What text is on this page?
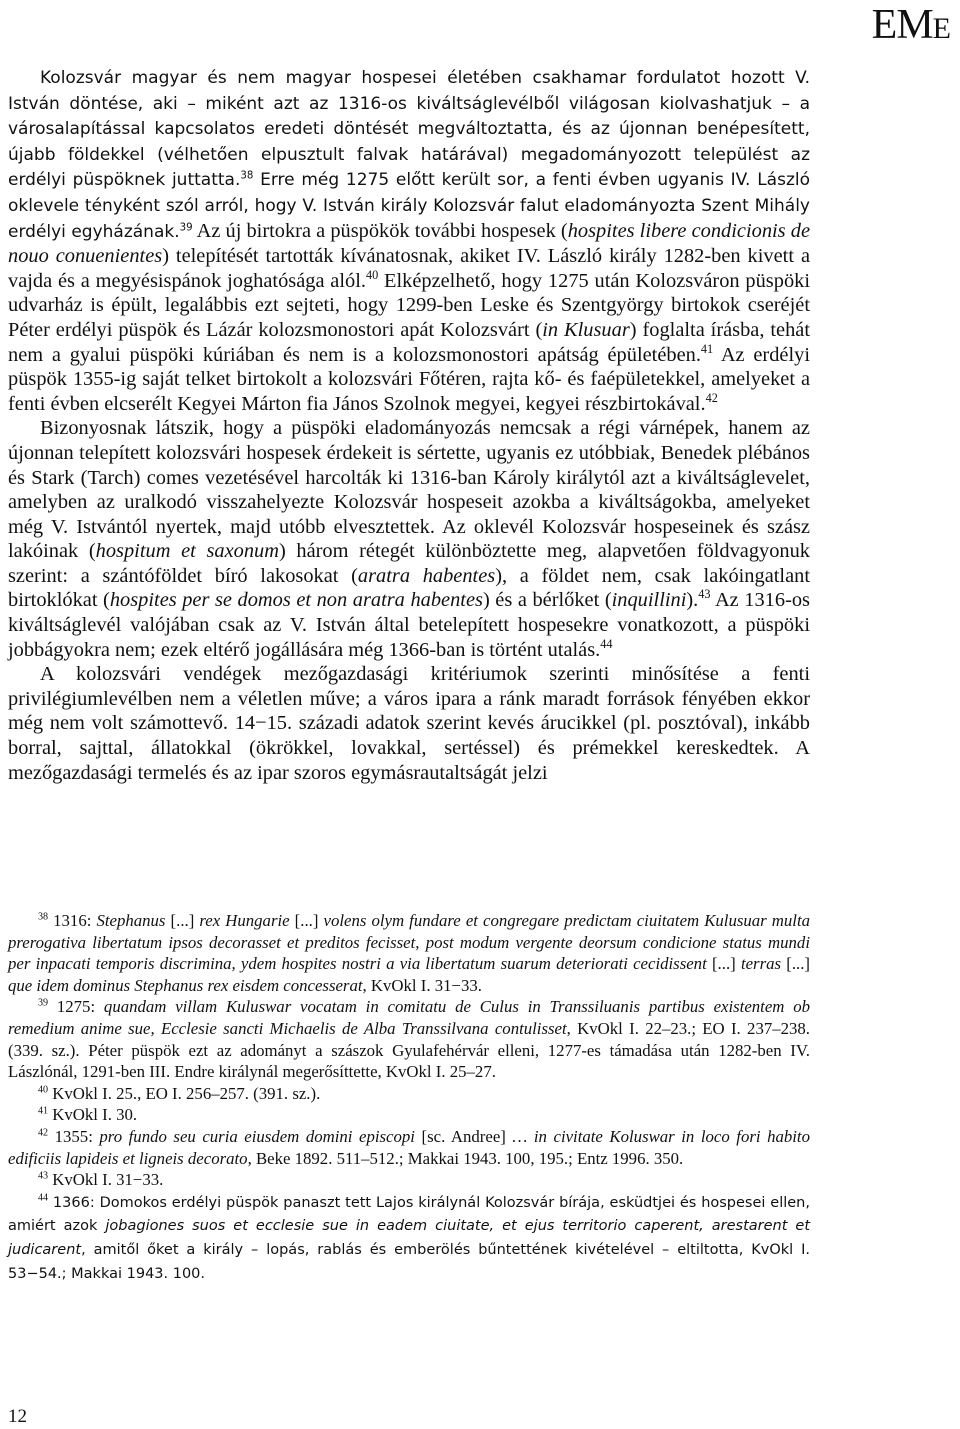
EME

Kolozsvár magyar és nem magyar hospesei életében csakhamar fordulatot hozott V. István döntése, aki – miként azt az 1316-os kiváltságlevélből világosan kiolvashatjuk – a városalapítással kapcsolatos eredeti döntését megváltoztatta, és az újonnan benépesített, újabb földekkel (vélhetően elpusztult falvak határával) megadományozott települést az erdélyi püspöknek juttatta.$^{38}$ Erre még 1275 előtt került sor, a fenti évben ugyanis IV. László oklevele tényként szól arról, hogy V. István király Kolozsvár falut eladományozta Szent Mihály erdélyi egyházának.$^{39}$ Az új birtokra a püspökök további hospesek (hospites libere condicionis de nouo conuenientes) telepítését tartották kívánatosnak, akiket IV. László király 1282-ben kivett a vajda és a megyésispánok joghatósága alól.$^{40}$ Elképzelhető, hogy 1275 után Kolozsváron püspöki udvarház is épült, legalábbis ezt sejteti, hogy 1299-ben Leske és Szentgyörgy birtokok cseréjét Péter erdélyi püspök és Lázár kolozsmonostori apát Kolozsvárt (in Klusuar) foglalta írásba, tehát nem a gyalui püspöki kúriában és nem is a kolozsmonostori apátság épületében.$^{41}$ Az erdélyi püspök 1355-ig saját telket birtokolt a kolozsvári Főtéren, rajta kő- és faépületekkel, amelyeket a fenti évben elcserélt Kegyei Márton fia János Szolnok megyei, kegyei részbirtokával.$^{42}$

Bizonyosnak látszik, hogy a püspöki eladományozás nemcsak a régi várnépek, hanem az újonnan telepített kolozsvári hospesek érdekeit is sértette, ugyanis ez utóbbiak, Benedek plébános és Stark (Tarch) comes vezetésével harcolták ki 1316-ban Károly királytól azt a kiváltságlevelet, amelyben az uralkodó visszahelyezte Kolozsvár hospeseit azokba a kiváltságokba, amelyeket még V. Istvántól nyertek, majd utóbb elvesztettek. Az oklevél Kolozsvár hospeseinek és szász lakóinak (hospitum et saxonum) három rétegét különböztette meg, alapvetően földvagyonuk szerint: a szántóföldet bíró lakosokat (aratra habentes), a földet nem, csak lakóingatlant birtoklókat (hospites per se domos et non aratra habentes) és a bérlőket (inquillini).$^{43}$ Az 1316-os kiváltságlevél valójában csak az V. István által betelepített hospesekre vonatkozott, a püspöki jobbágyokra nem; ezek eltérő jogállására még 1366-ban is történt utalás.$^{44}$

A kolozsvári vendégek mezőgazdasági kritériumok szerinti minősítése a fenti privilégiumlevélben nem a véletlen műve; a város ipara a ránk maradt források fényében ekkor még nem volt számottevő. 14−15. századi adatok szerint kevés árucikkel (pl. posztóval), inkább borral, sajttal, állatokkal (ökrökkel, lovakkal, sertéssel) és prémekkel kereskedtek. A mezőgazdasági termelés és az ipar szoros egymásrautaltságát jelzi

$^{38}$ 1316: Stephanus [...] rex Hungarie [...] volens olym fundare et congregare predictam ciuitatem Kulusuar multa prerogativa libertatum ipsos decorasset et preditos fecisset, post modum vergente deorsum condicione status mundi per inpacati temporis discrimina, ydem hospites nostri a via libertatum suarum deteriorati cecidissent [...] terras [...] que idem dominus Stephanus rex eisdem concesserat, KvOkl I. 31−33.

$^{39}$ 1275: quandam villam Kuluswar vocatam in comitatu de Culus in Transsiluanis partibus existentem ob remedium anime sue, Ecclesie sancti Michaelis de Alba Transsilvana contulisset, KvOkl I. 22–23.; EO I. 237–238. (339. sz.). Péter püspök ezt az adományt a szászok Gyulafehérvár elleni, 1277-es támadása után 1282-ben IV. Lászlónál, 1291-ben III. Endre királynál megerősíttette, KvOkl I. 25–27.

$^{40}$ KvOkl I. 25., EO I. 256–257. (391. sz.).

$^{41}$ KvOkl I. 30.

$^{42}$ 1355: pro fundo seu curia eiusdem domini episcopi [sc. Andree] … in civitate Koluswar in loco fori habito edificiis lapideis et ligneis decorato, Beke 1892. 511–512.; Makkai 1943. 100, 195.; Entz 1996. 350.

$^{43}$ KvOkl I. 31−33.

$^{44}$ 1366: Domokos erdélyi püspök panaszt tett Lajos királynál Kolozsvár bírája, esküdtjei és hospesei ellen, amiért azok jobagiones suos et ecclesie sue in eadem ciuitate, et ejus territorio caperent, arestarent et judicarent, amitől őket a király – lopás, rablás és emberölés bűntettének kivételével – eltiltotta, KvOkl I. 53−54.; Makkai 1943. 100.

12
